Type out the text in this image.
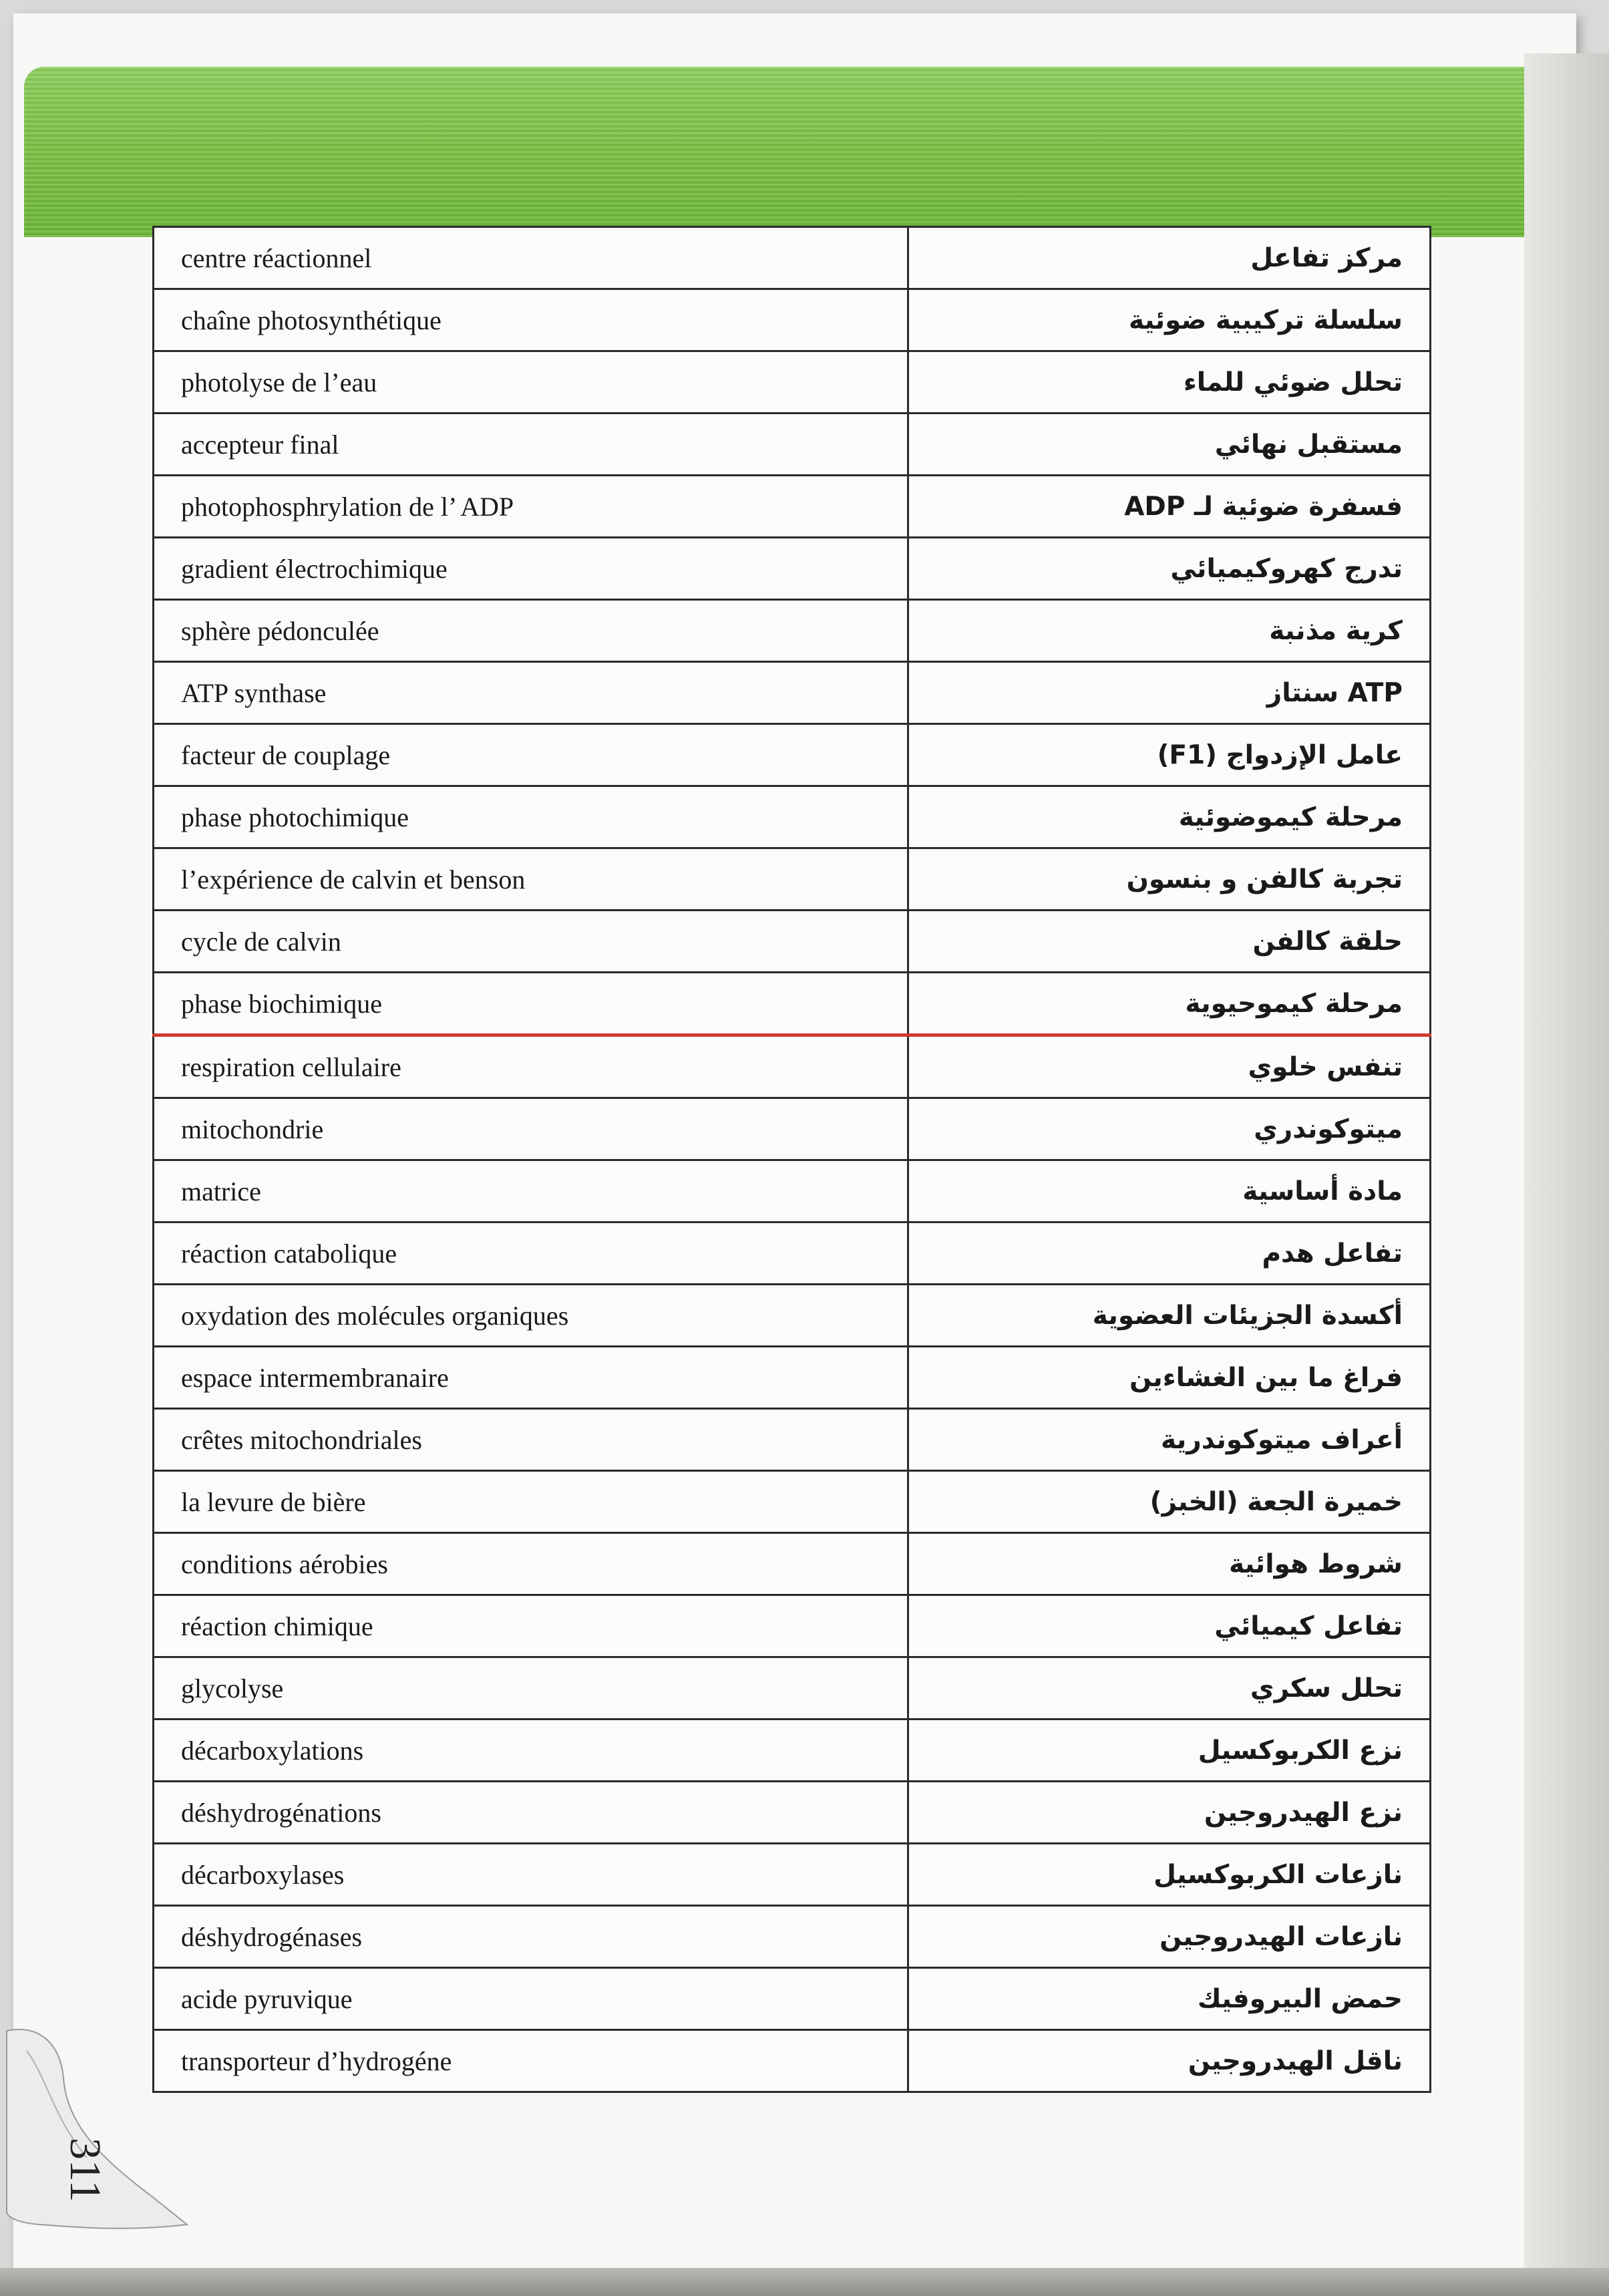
centre réactionnel	مركز تفاعل
chaîne photosynthétique	سلسلة تركيبية ضوئية
photolyse de l’eau	تحلل ضوئي للماء
accepteur final	مستقبل نهائي
photophosphrylation de l’ ADP	فسفرة ضوئية لـ ADP
gradient électrochimique	تدرج كهروكيميائي
sphère pédonculée	كرية مذنبة
ATP synthase	ATP سنتاز
facteur de couplage	عامل الإزدواج (F1)
phase photochimique	مرحلة كيموضوئية
l’expérience de calvin et benson	تجربة كالفن و بنسون
cycle de calvin	حلقة كالفن
phase biochimique	مرحلة كيموحيوية
respiration cellulaire	تنفس خلوي
mitochondrie	ميتوكوندري
matrice	مادة أساسية
réaction catabolique	تفاعل هدم
oxydation des molécules organiques	أكسدة الجزيئات العضوية
espace intermembranaire	فراغ ما بين الغشاءين
crêtes mitochondriales	أعراف ميتوكوندرية
la levure de bière	خميرة الجعة (الخبز)
conditions aérobies	شروط هوائية
réaction chimique	تفاعل كيميائي
glycolyse	تحلل سكري
décarboxylations	نزع الكربوكسيل
déshydrogénations	نزع الهيدروجين
décarboxylases	نازعات الكربوكسيل
déshydrogénases	نازعات الهيدروجين
acide pyruvique	حمض البيروفيك
transporteur d’hydrogéne	ناقل الهيدروجين
311
